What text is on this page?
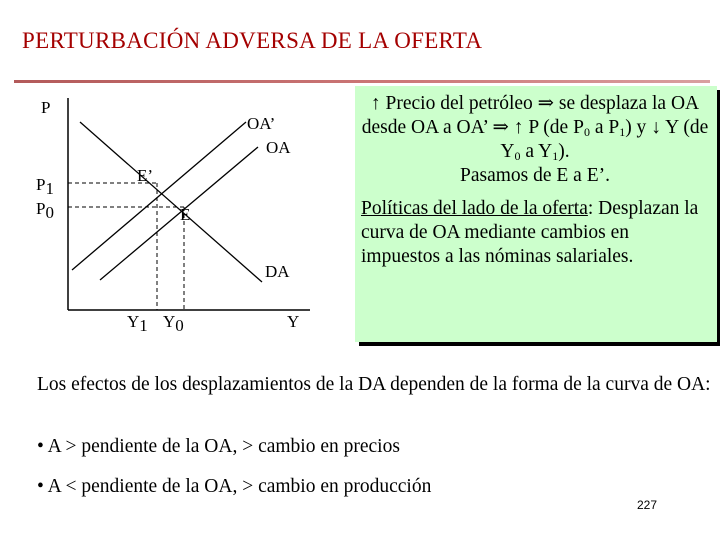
PERTURBACIÓN ADVERSA DE LA OFERTA
P
P1
P0
Y1 Y0	Y
OA’
OA
DA
E’
E
↑ Precio del petróleo ⇒ se desplaza la OA desde OA a OA’ ⇒ ↑ P (de $P_0$ a $P_1$) y ↓ Y (de $Y_0$ a $Y_1$).
Pasamos de E a E’.
Políticas del lado de la oferta: Desplazan la curva de OA mediante cambios en impuestos a las nóminas salariales.
Los efectos de los desplazamientos de la DA dependen de la forma de la curva de OA:
• A > pendiente de la OA, > cambio en precios
• A < pendiente de la OA, > cambio en producción
227
